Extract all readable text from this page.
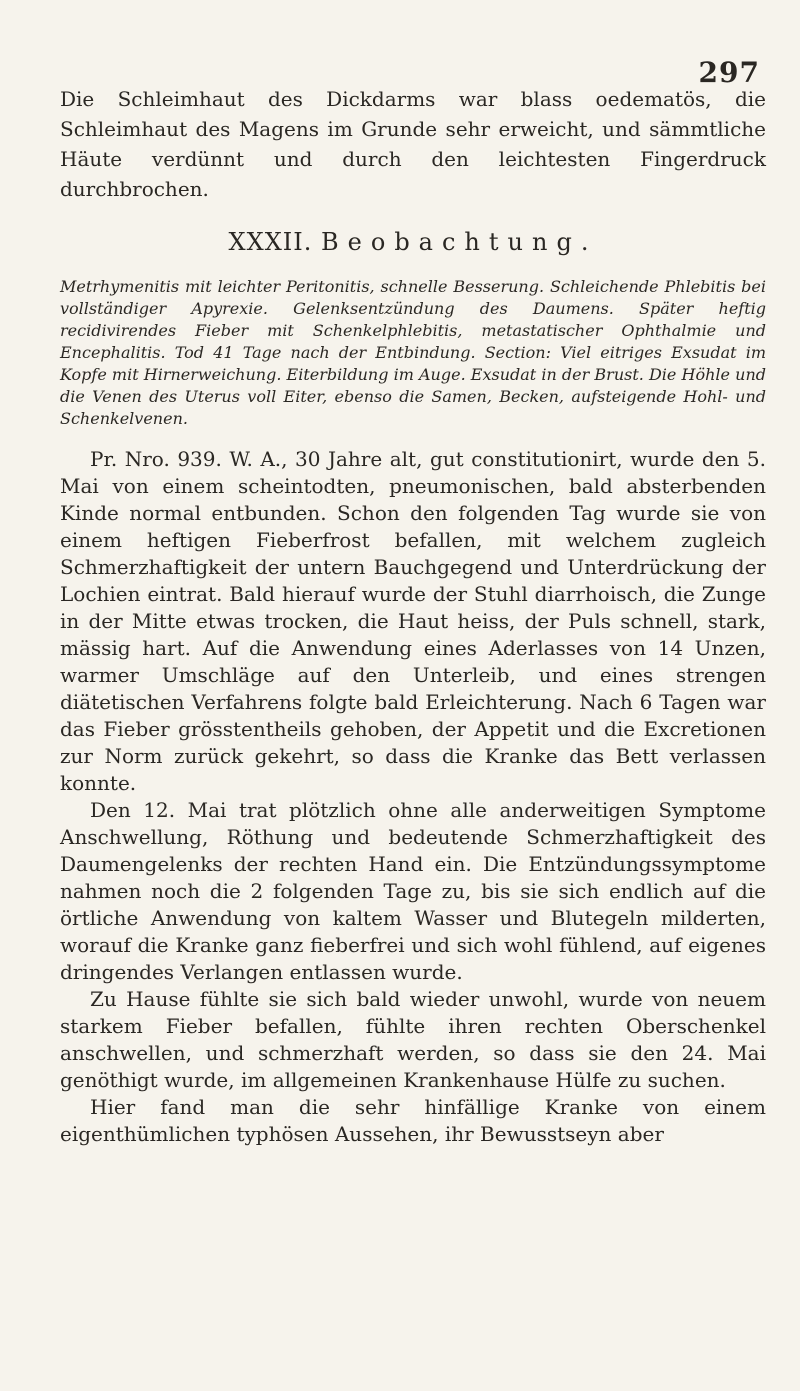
297

Die Schleimhaut des Dickdarms war blass oedematös, die Schleimhaut des Magens im Grunde sehr erweicht, und sämmtliche Häute verdünnt und durch den leichtesten Fingerdruck durchbrochen.

XXXII. Beobachtung.

Metrhymenitis mit leichter Peritonitis, schnelle Besserung. Schleichende Phlebitis bei vollständiger Apyrexie. Gelenksentzündung des Daumens. Später heftig recidivirendes Fieber mit Schenkelphlebitis, metastatischer Ophthalmie und Encephalitis. Tod 41 Tage nach der Entbindung. Section: Viel eitriges Exsudat im Kopfe mit Hirnerweichung. Eiterbildung im Auge. Exsudat in der Brust. Die Höhle und die Venen des Uterus voll Eiter, ebenso die Samen, Becken, aufsteigende Hohl- und Schenkelvenen.

Pr. Nro. 939. W. A., 30 Jahre alt, gut constitutionirt, wurde den 5. Mai von einem scheintodten, pneumonischen, bald absterbenden Kinde normal entbunden. Schon den folgenden Tag wurde sie von einem heftigen Fieberfrost befallen, mit welchem zugleich Schmerzhaftigkeit der untern Bauchgegend und Unterdrückung der Lochien eintrat. Bald hierauf wurde der Stuhl diarrhoisch, die Zunge in der Mitte etwas trocken, die Haut heiss, der Puls schnell, stark, mässig hart. Auf die Anwendung eines Aderlasses von 14 Unzen, warmer Umschläge auf den Unterleib, und eines strengen diätetischen Verfahrens folgte bald Erleichterung. Nach 6 Tagen war das Fieber grösstentheils gehoben, der Appetit und die Excretionen zur Norm zurück gekehrt, so dass die Kranke das Bett verlassen konnte.

Den 12. Mai trat plötzlich ohne alle anderweitigen Symptome Anschwellung, Röthung und bedeutende Schmerzhaftigkeit des Daumengelenks der rechten Hand ein. Die Entzündungssymptome nahmen noch die 2 folgenden Tage zu, bis sie sich endlich auf die örtliche Anwendung von kaltem Wasser und Blutegeln milderten, worauf die Kranke ganz fieberfrei und sich wohl fühlend, auf eigenes dringendes Verlangen entlassen wurde.

Zu Hause fühlte sie sich bald wieder unwohl, wurde von neuem starkem Fieber befallen, fühlte ihren rechten Oberschenkel anschwellen, und schmerzhaft werden, so dass sie den 24. Mai genöthigt wurde, im allgemeinen Krankenhause Hülfe zu suchen.

Hier fand man die sehr hinfällige Kranke von einem eigenthümlichen typhösen Aussehen, ihr Bewusstseyn aber
